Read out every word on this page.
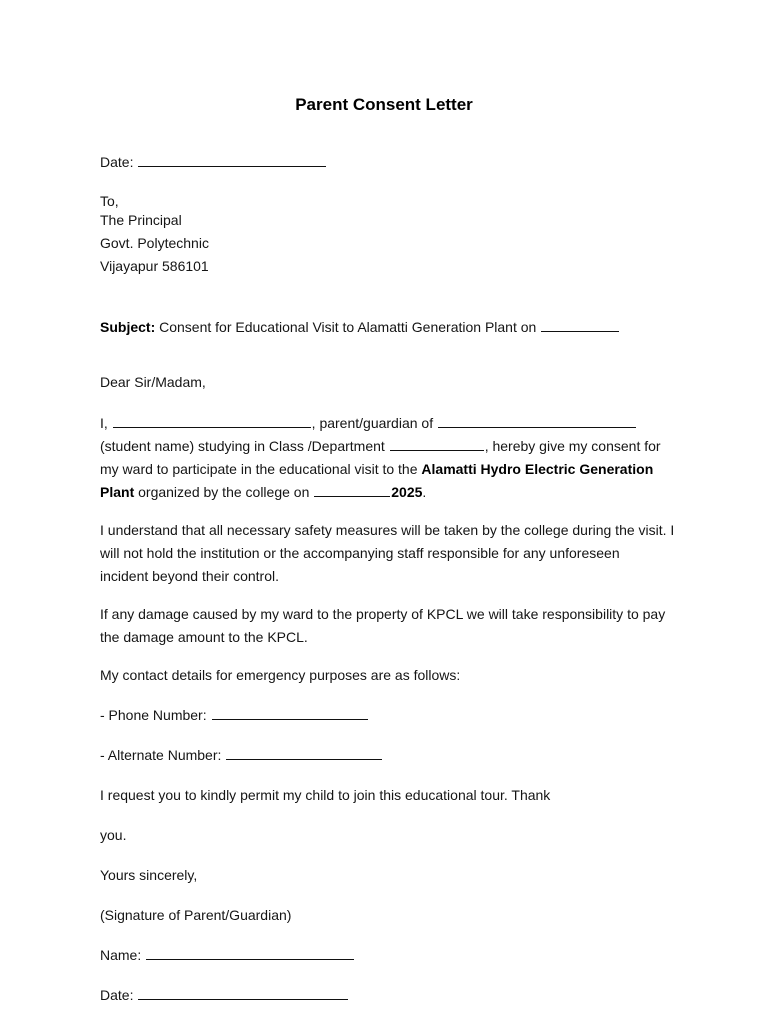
Parent Consent Letter
Date:
To,
The Principal
Govt. Polytechnic
Vijayapur 586101
Subject: Consent for Educational Visit to Alamatti Generation Plant on
Dear Sir/Madam,
I,	, parent/guardian of
(student name) studying in Class /Department	, hereby give my consent for
my ward to participate in the educational visit to the Alamatti Hydro Electric Generation
Plant organized by the college on	2025.
I understand that all necessary safety measures will be taken by the college during the visit. I
will not hold the institution or the accompanying staff responsible for any unforeseen
incident beyond their control.
If any damage caused by my ward to the property of KPCL we will take responsibility to pay
the damage amount to the KPCL.
My contact details for emergency purposes are as follows:
- Phone Number:
- Alternate Number:
I request you to kindly permit my child to join this educational tour. Thank
you.
Yours sincerely,
(Signature of Parent/Guardian)
Name:
Date:
